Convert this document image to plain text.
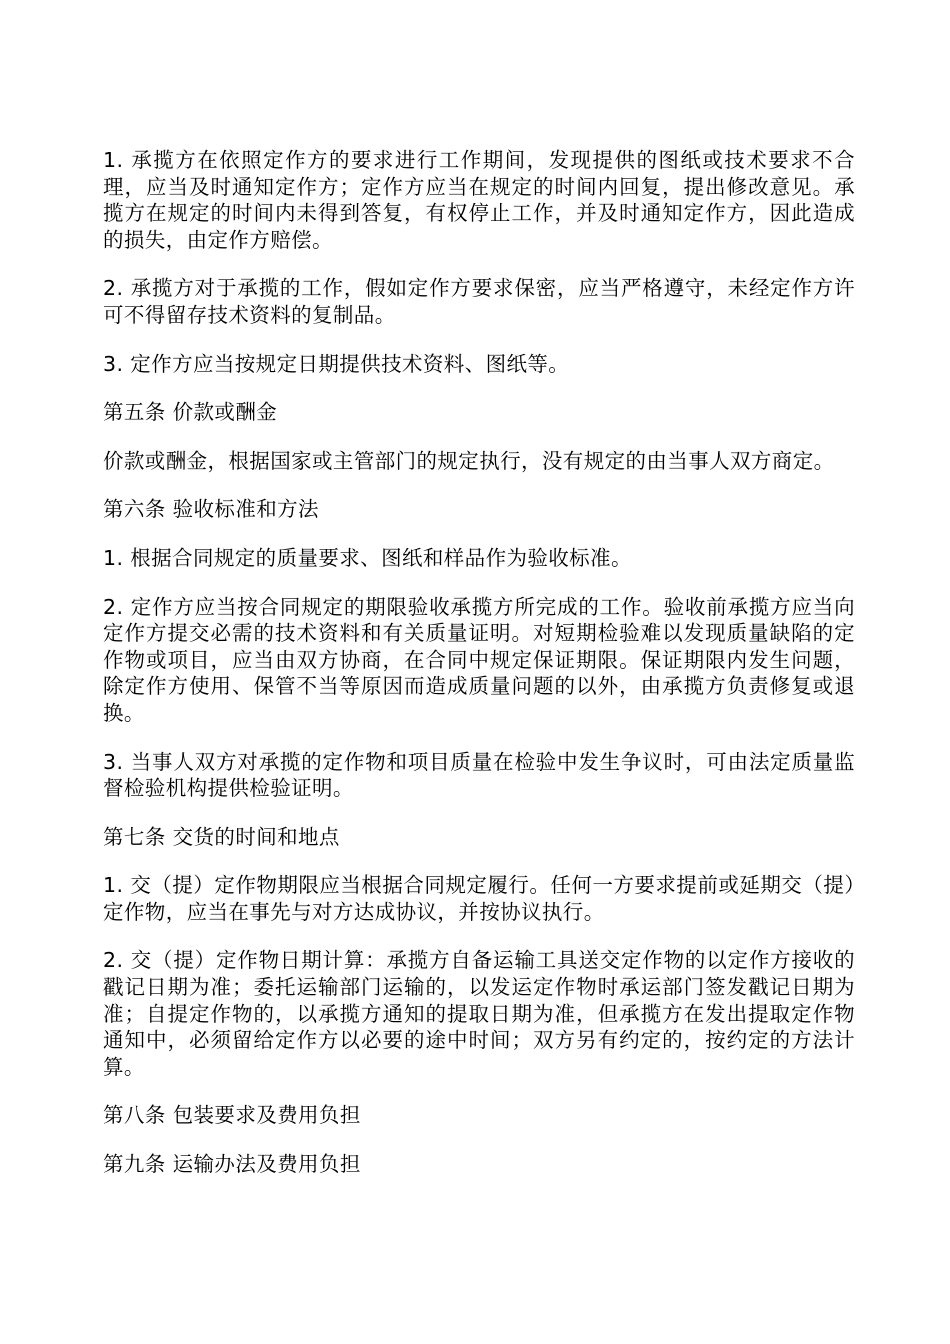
1. 承揽方在依照定作方的要求进行工作期间，发现提供的图纸或技术要求不合理，应当及时通知定作方；定作方应当在规定的时间内回复，提出修改意见。承揽方在规定的时间内未得到答复，有权停止工作，并及时通知定作方，因此造成的损失，由定作方赔偿。

2. 承揽方对于承揽的工作，假如定作方要求保密，应当严格遵守，未经定作方许可不得留存技术资料的复制品。

3. 定作方应当按规定日期提供技术资料、图纸等。

第五条 价款或酬金

价款或酬金，根据国家或主管部门的规定执行，没有规定的由当事人双方商定。

第六条 验收标准和方法

1. 根据合同规定的质量要求、图纸和样品作为验收标准。

2. 定作方应当按合同规定的期限验收承揽方所完成的工作。验收前承揽方应当向定作方提交必需的技术资料和有关质量证明。对短期检验难以发现质量缺陷的定作物或项目，应当由双方协商，在合同中规定保证期限。保证期限内发生问题，除定作方使用、保管不当等原因而造成质量问题的以外，由承揽方负责修复或退换。

3. 当事人双方对承揽的定作物和项目质量在检验中发生争议时，可由法定质量监督检验机构提供检验证明。

第七条 交货的时间和地点

1. 交（提）定作物期限应当根据合同规定履行。任何一方要求提前或延期交（提）定作物，应当在事先与对方达成协议，并按协议执行。

2. 交（提）定作物日期计算：承揽方自备运输工具送交定作物的以定作方接收的戳记日期为准；委托运输部门运输的，以发运定作物时承运部门签发戳记日期为准；自提定作物的，以承揽方通知的提取日期为准，但承揽方在发出提取定作物通知中，必须留给定作方以必要的途中时间；双方另有约定的，按约定的方法计算。

第八条 包装要求及费用负担

第九条 运输办法及费用负担
